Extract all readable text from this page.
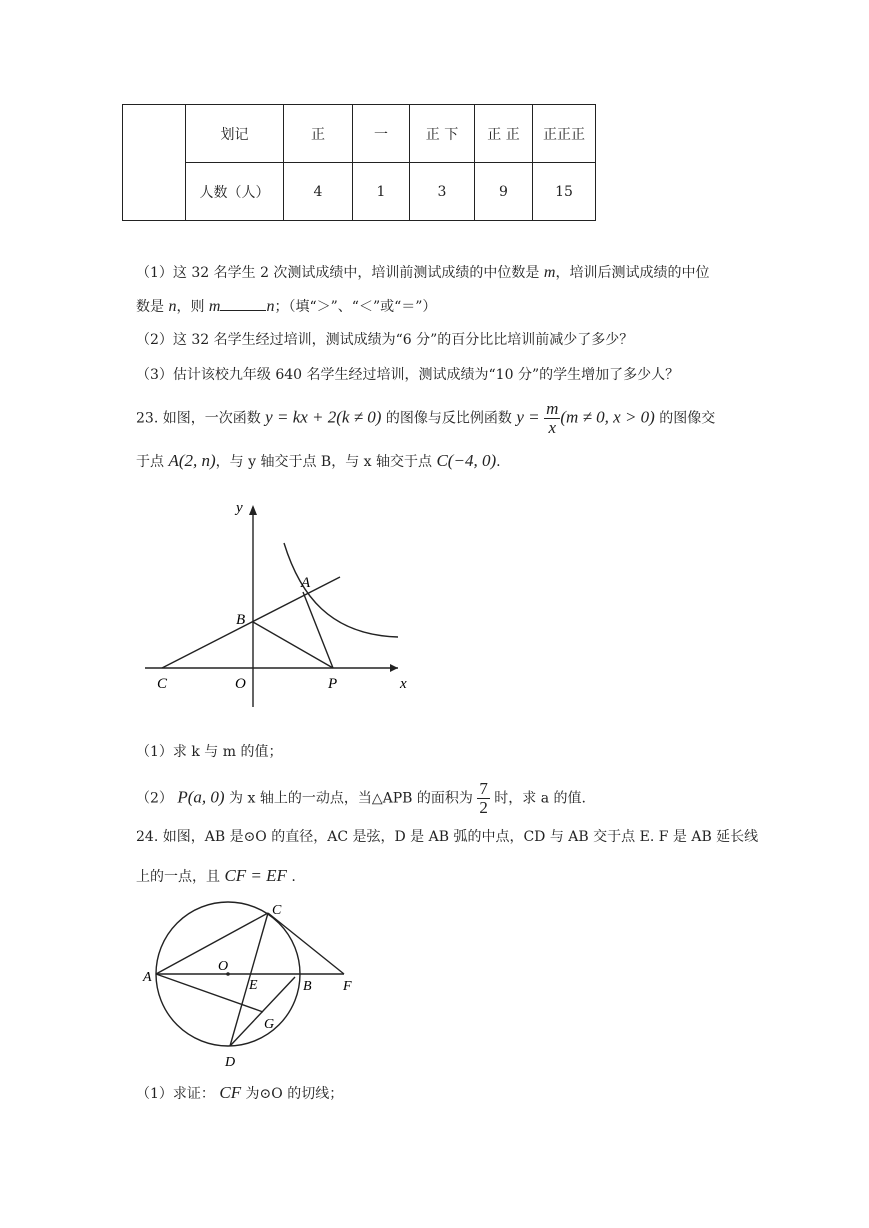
	划记	正	一	正 下	正 正	正正正
	人数（人）	4	1	3	9	15
（1）这 32 名学生 2 次测试成绩中，培训前测试成绩的中位数是 m，培训后测试成绩的中位
数是 n，则 m	n；（填“＞”、“＜”或“＝”）
（2）这 32 名学生经过培训，测试成绩为“6 分”的百分比比培训前减少了多少？
（3）估计该校九年级 640 名学生经过培训，测试成绩为“10 分”的学生增加了多少人？
23. 如图，一次函数 y = kx + 2(k ≠ 0) 的图像与反比例函数 $y = \frac{m}{x} (m \ne 0$, x > 0) 的图像交
于点 A(2, n)，与 y 轴交于点 B，与 x 轴交于点 C(−4, 0).
y
x
A
B
C	O	P
（1）求 k 与 m 的值；
（2） P(a, 0) 为 x 轴上的一动点，当△APB 的面积为 $\frac{7}{2}$ 时，求 a 的值.
24. 如图，AB 是⊙O 的直径，AC 是弦，D 是 AB 弧的中点，CD 与 AB 交于点 E. F 是 AB 延长线
上的一点，且 CF = EF .
A
B
C
D
E	F
G
O
（1）求证： CF 为⊙O 的切线；
